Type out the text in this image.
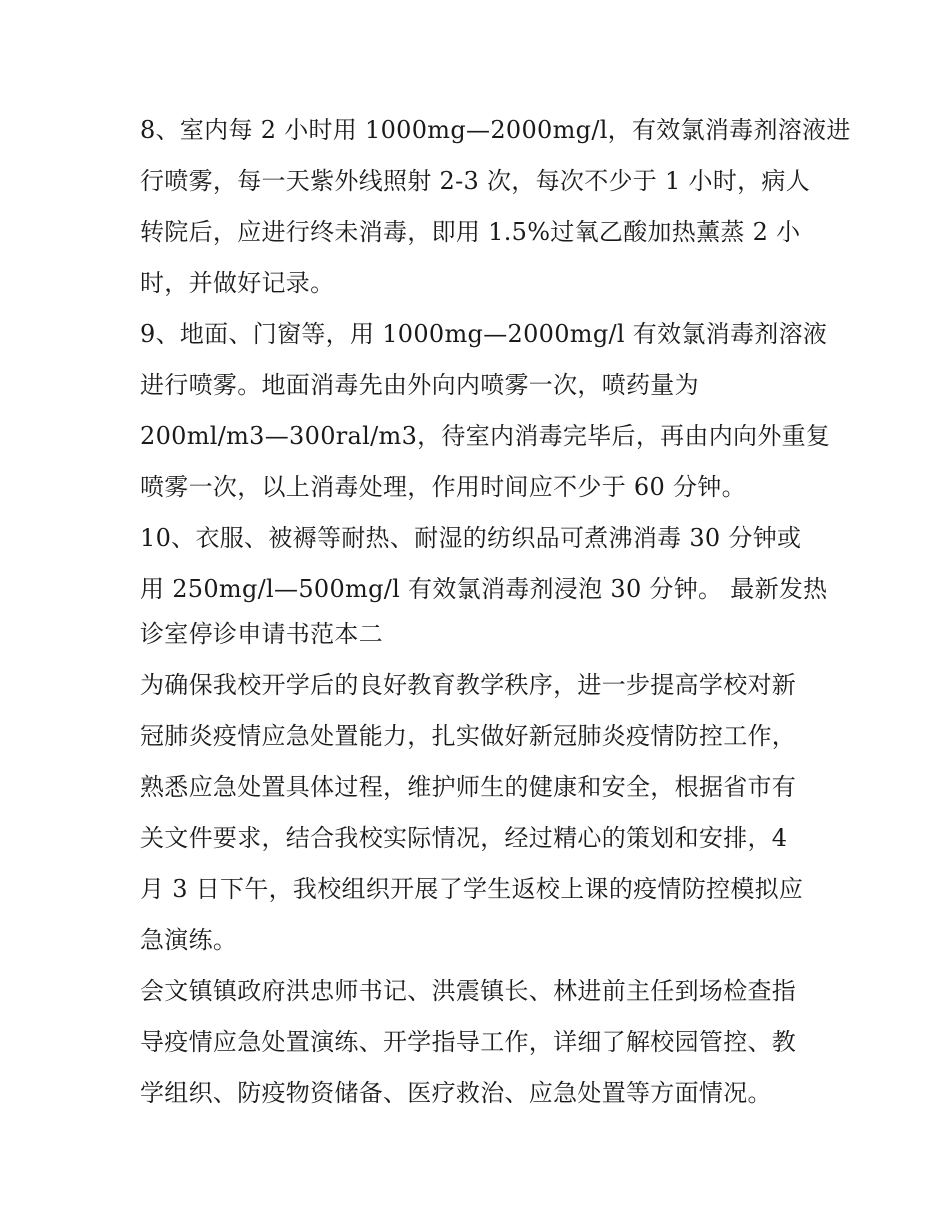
8、室内每 2 小时用 1000mg—2000mg/l，有效氯消毒剂溶液进
行喷雾，每一天紫外线照射 2-3 次，每次不少于 1 小时，病人
转院后，应进行终未消毒，即用 1.5%过氧乙酸加热薰蒸 2 小
时，并做好记录。
9、地面、门窗等，用 1000mg—2000mg/l 有效氯消毒剂溶液
进行喷雾。地面消毒先由外向内喷雾一次，喷药量为
200ml/m3—300ral/m3，待室内消毒完毕后，再由内向外重复
喷雾一次，以上消毒处理，作用时间应不少于 60 分钟。
10、衣服、被褥等耐热、耐湿的纺织品可煮沸消毒 30 分钟或
用 250mg/l—500mg/l 有效氯消毒剂浸泡 30 分钟。 最新发热
诊室停诊申请书范本二
为确保我校开学后的良好教育教学秩序，进一步提高学校对新
冠肺炎疫情应急处置能力，扎实做好新冠肺炎疫情防控工作，
熟悉应急处置具体过程，维护师生的健康和安全，根据省市有
关文件要求，结合我校实际情况，经过精心的策划和安排，4
月 3 日下午，我校组织开展了学生返校上课的疫情防控模拟应
急演练。
会文镇镇政府洪忠师书记、洪震镇长、林进前主任到场检查指
导疫情应急处置演练、开学指导工作，详细了解校园管控、教
学组织、防疫物资储备、医疗救治、应急处置等方面情况。
